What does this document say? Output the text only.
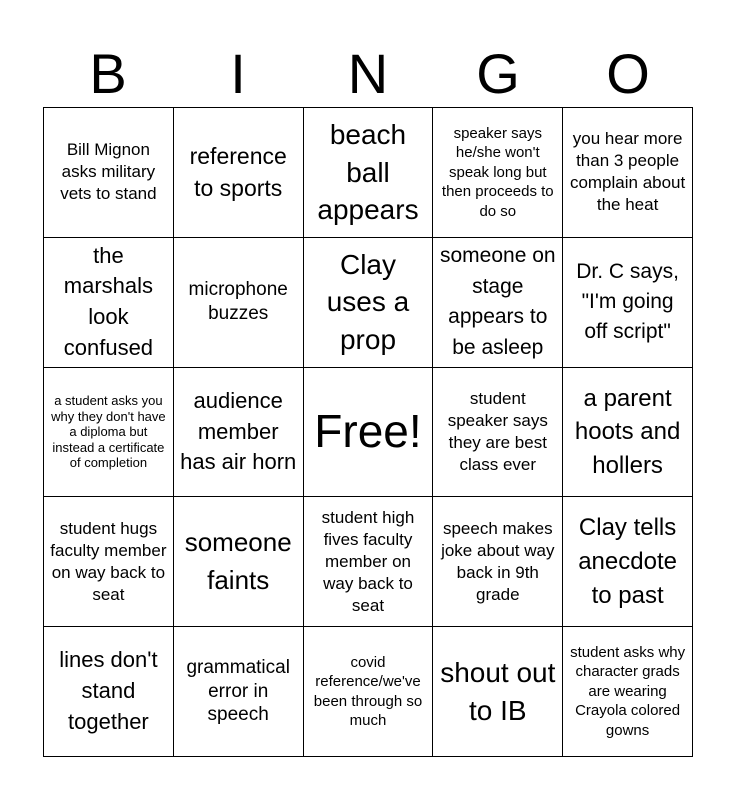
B	I	N	G	O
Bill Mignon asks military vets to stand
reference to sports
beach ball appears
speaker says he/she won't speak long but then proceeds to do so
you hear more than 3 people complain about the heat
the marshals look confused
microphone buzzes
Clay uses a prop
someone on stage appears to be asleep
Dr. C says, "I'm going off script"
a student asks you why they don't have a diploma but instead a certificate of completion
audience member has air horn
Free!
student speaker says they are best class ever
a parent hoots and hollers
student hugs faculty member on way back to seat
someone faints
student high fives faculty member on way back to seat
speech makes joke about way back in 9th grade
Clay tells anecdote to past
lines don't stand together
grammatical error in speech
covid reference/we've been through so much
shout out to IB
student asks why character grads are wearing Crayola colored gowns
